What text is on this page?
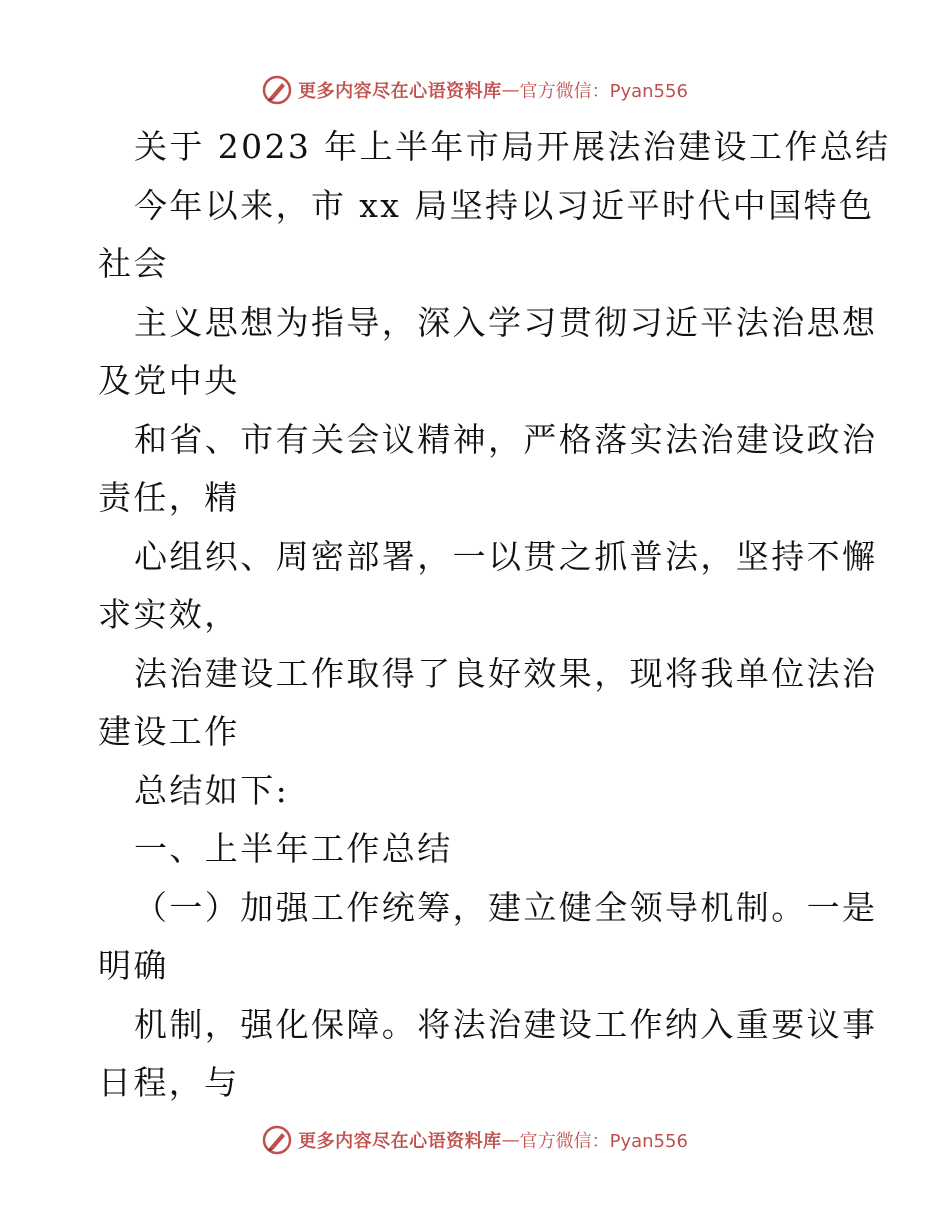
更多内容尽在心语资料库 — 官方微信：Pyan556
关于 2023 年上半年市局开展法治建设工作总结
今年以来，市 xx 局坚持以习近平时代中国特色
社会
主义思想为指导，深入学习贯彻习近平法治思想
及党中央
和省、市有关会议精神，严格落实法治建设政治
责任，精
心组织、周密部署，一以贯之抓普法，坚持不懈
求实效，
法治建设工作取得了良好效果，现将我单位法治
建设工作
总结如下:
一、上半年工作总结
（一）加强工作统筹，建立健全领导机制。一是
明确
机制，强化保障。将法治建设工作纳入重要议事
日程，与
更多内容尽在心语资料库 — 官方微信：Pyan556
